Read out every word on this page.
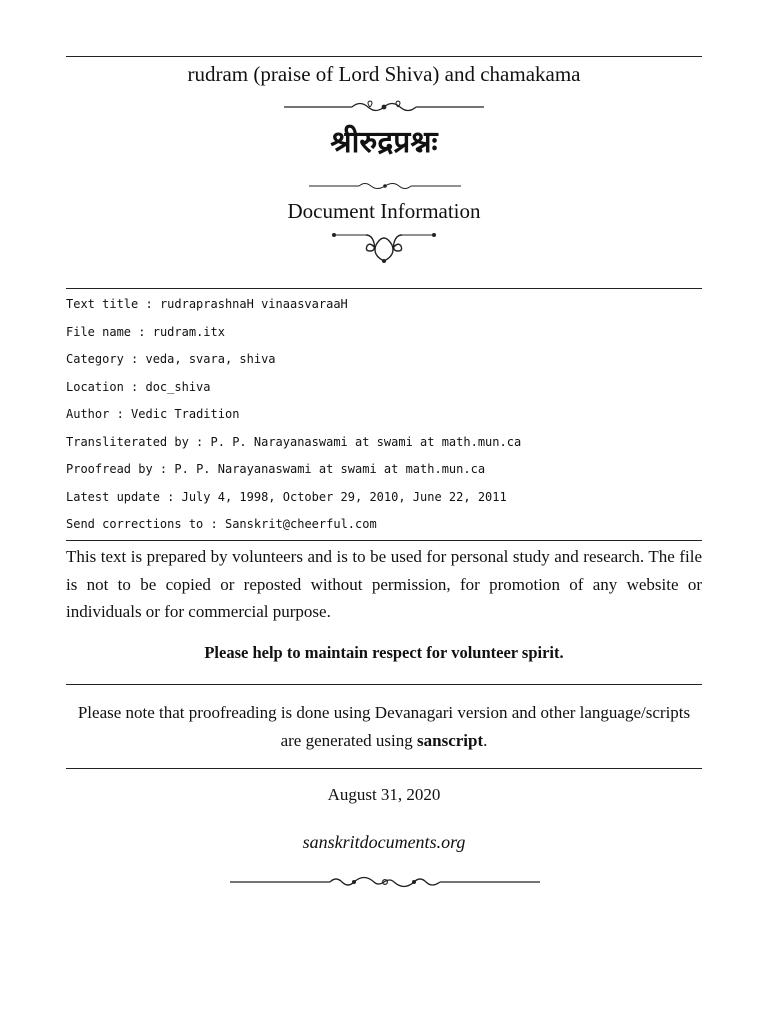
rudram (praise of Lord Shiva) and chamakama
श्रीरुद्रप्रश्नः
Document Information
Text title : rudraprashnaH vinaasvaraaH
File name : rudram.itx
Category : veda, svara, shiva
Location : doc_shiva
Author : Vedic Tradition
Transliterated by : P. P. Narayanaswami at swami at math.mun.ca
Proofread by : P. P. Narayanaswami at swami at math.mun.ca
Latest update : July 4, 1998, October 29, 2010, June 22, 2011
Send corrections to : Sanskrit@cheerful.com
This text is prepared by volunteers and is to be used for personal study and research. The file is not to be copied or reposted without permission, for promotion of any website or individuals or for commercial purpose.
Please help to maintain respect for volunteer spirit.
Please note that proofreading is done using Devanagari version and other language/scripts are generated using sanscript.
August 31, 2020
sanskritdocuments.org
